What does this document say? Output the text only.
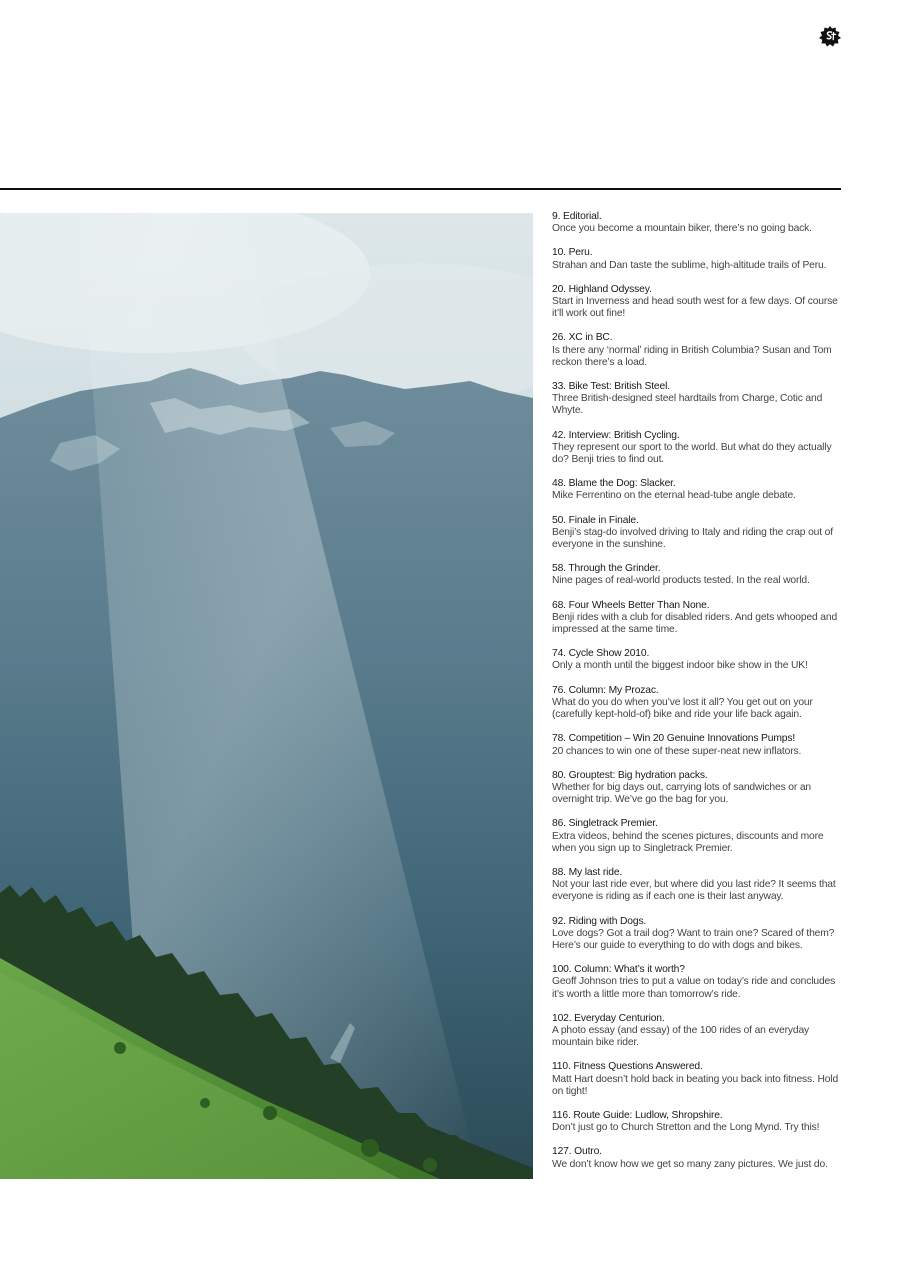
9. Editorial.
Once you become a mountain biker, there’s no going back.
10. Peru.
Strahan and Dan taste the sublime, high-altitude trails of Peru.
20. Highland Odyssey.
Start in Inverness and head south west for a few days. Of course it’ll work out fine!
26. XC in BC.
Is there any ‘normal’ riding in British Columbia? Susan and Tom reckon there’s a load.
33. Bike Test: British Steel.
Three British-designed steel hardtails from Charge, Cotic and Whyte.
42. Interview: British Cycling.
They represent our sport to the world. But what do they actually do? Benji tries to find out.
48. Blame the Dog: Slacker.
Mike Ferrentino on the eternal head-tube angle debate.
50. Finale in Finale.
Benji’s stag-do involved driving to Italy and riding the crap out of everyone in the sunshine.
58. Through the Grinder.
Nine pages of real-world products tested. In the real world.
68. Four Wheels Better Than None.
Benji rides with a club for disabled riders. And gets whooped and impressed at the same time.
74. Cycle Show 2010.
Only a month until the biggest indoor bike show in the UK!
76. Column: My Prozac.
What do you do when you’ve lost it all? You get out on your (carefully kept-hold-of) bike and ride your life back again.
78. Competition – Win 20 Genuine Innovations Pumps!
20 chances to win one of these super-neat new inflators.
80. Grouptest: Big hydration packs.
Whether for big days out, carrying lots of sandwiches or an overnight trip. We’ve go the bag for you.
86. Singletrack Premier.
Extra videos, behind the scenes pictures, discounts and more when you sign up to Singletrack Premier.
88. My last ride.
Not your last ride ever, but where did you last ride? It seems that everyone is riding as if each one is their last anyway.
92. Riding with Dogs.
Love dogs? Got a trail dog? Want to train one? Scared of them? Here’s our guide to everything to do with dogs and bikes.
100. Column: What’s it worth?
Geoff Johnson tries to put a value on today’s ride and concludes it’s worth a little more than tomorrow’s ride.
102. Everyday Centurion.
A photo essay (and essay) of the 100 rides of an everyday mountain bike rider.
110. Fitness Questions Answered.
Matt Hart doesn’t hold back in beating you back into fitness. Hold on tight!
116. Route Guide: Ludlow, Shropshire.
Don’t just go to Church Stretton and the Long Mynd. Try this!
127. Outro.
We don’t know how we get so many zany pictures. We just do.
